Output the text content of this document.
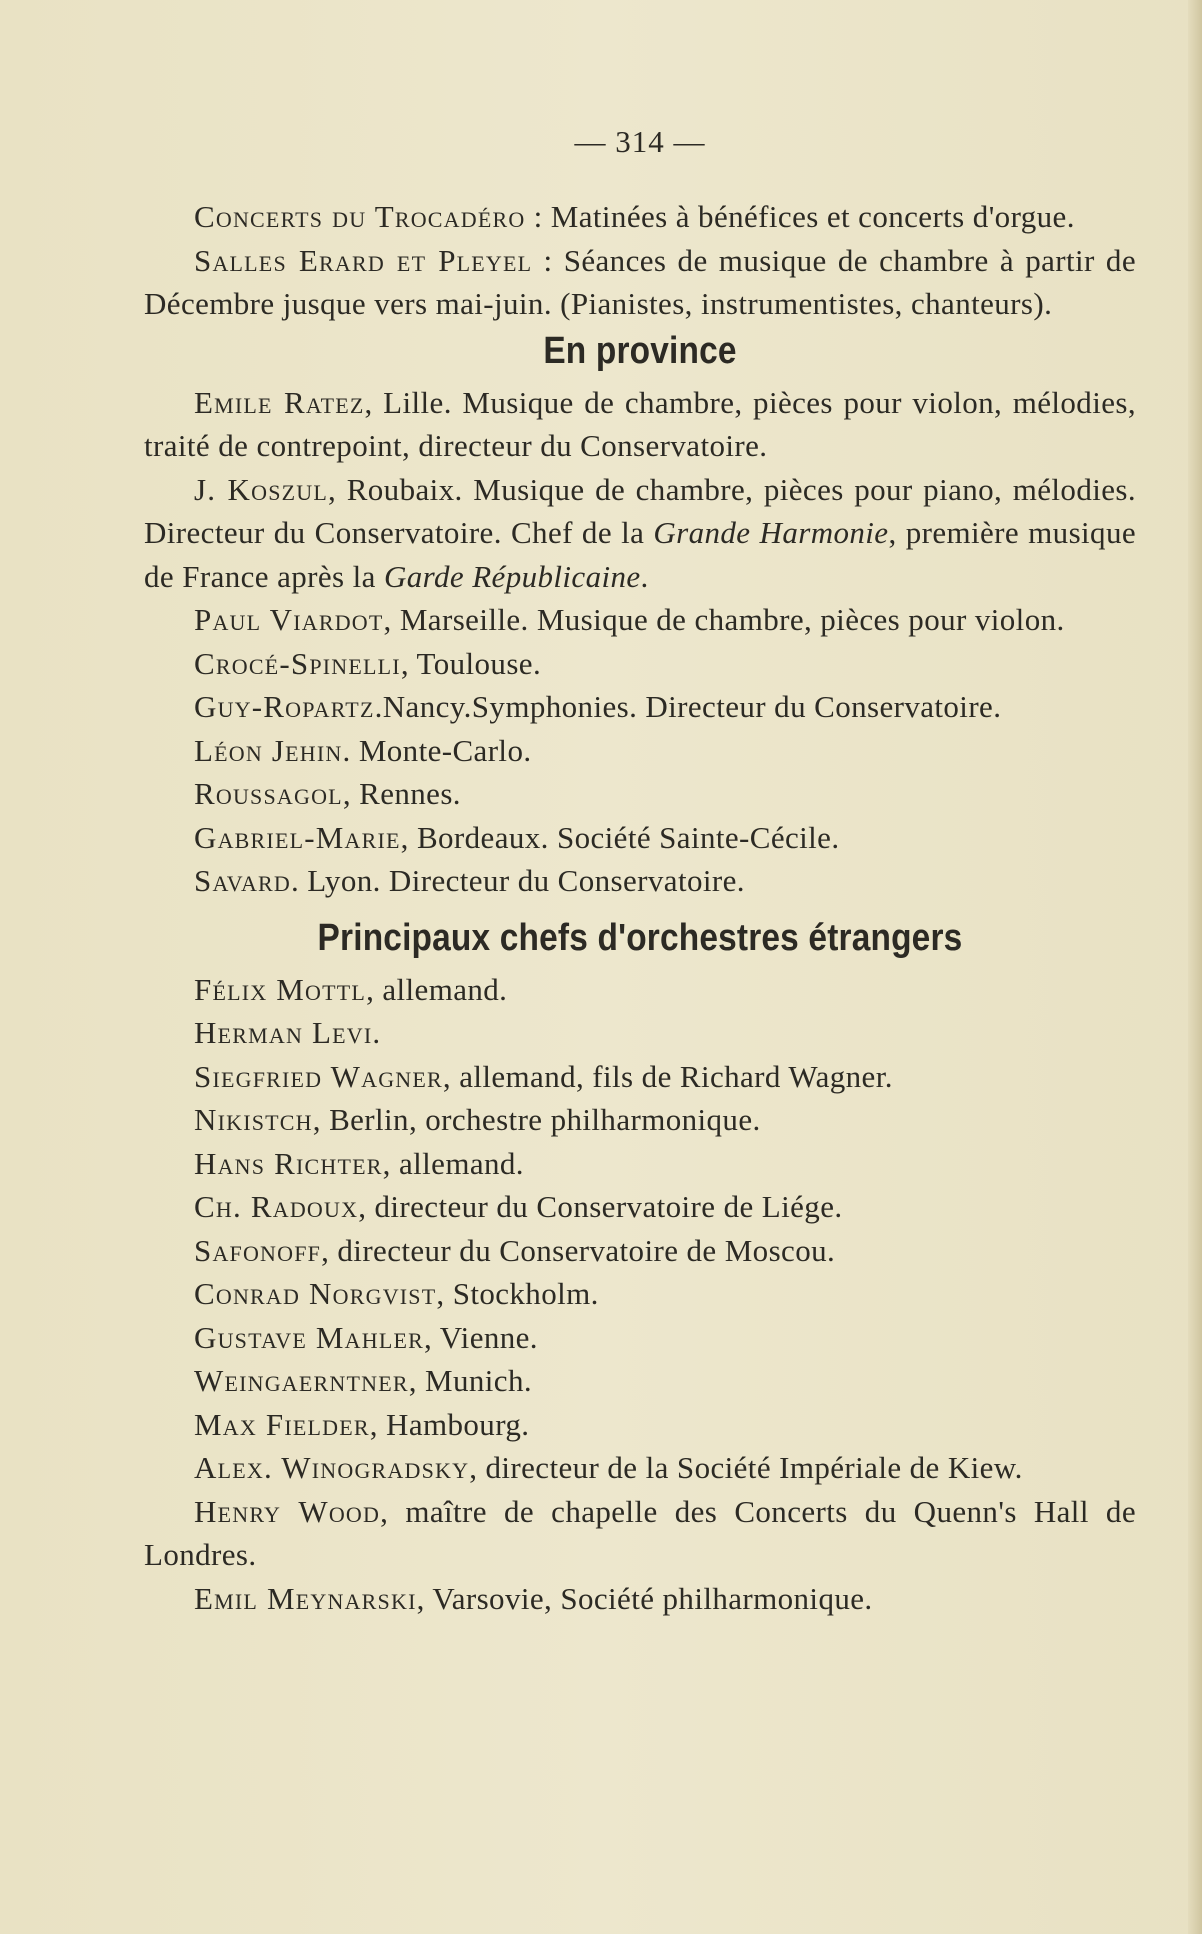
— 314 —

Concerts du Trocadéro : Matinées à bénéfices et concerts d'orgue.

Salles Erard et Pleyel : Séances de musique de chambre à partir de Décembre jusque vers mai-juin. (Pianistes, instrumentistes, chanteurs).

En province

Emile Ratez, Lille. Musique de chambre, pièces pour violon, mélodies, traité de contrepoint, directeur du Conservatoire.

J. Koszul, Roubaix. Musique de chambre, pièces pour piano, mélodies. Directeur du Conservatoire. Chef de la Grande Harmonie, première musique de France après la Garde Républicaine.

Paul Viardot, Marseille. Musique de chambre, pièces pour violon.

Crocé-Spinelli, Toulouse.

Guy-Ropartz.Nancy.Symphonies. Directeur du Conservatoire.

Léon Jehin. Monte-Carlo.

Roussagol, Rennes.

Gabriel-Marie, Bordeaux. Société Sainte-Cécile.

Savard. Lyon. Directeur du Conservatoire.

Principaux chefs d'orchestres étrangers

Félix Mottl, allemand.

Herman Levi.

Siegfried Wagner, allemand, fils de Richard Wagner.

Nikistch, Berlin, orchestre philharmonique.

Hans Richter, allemand.

Ch. Radoux, directeur du Conservatoire de Liége.

Safonoff, directeur du Conservatoire de Moscou.

Conrad Norgvist, Stockholm.

Gustave Mahler, Vienne.

Weingaerntner, Munich.

Max Fielder, Hambourg.

Alex. Winogradsky, directeur de la Société Impériale de Kiew.

Henry Wood, maître de chapelle des Concerts du Quenn's Hall de Londres.

Emil Meynarski, Varsovie, Société philharmonique.
